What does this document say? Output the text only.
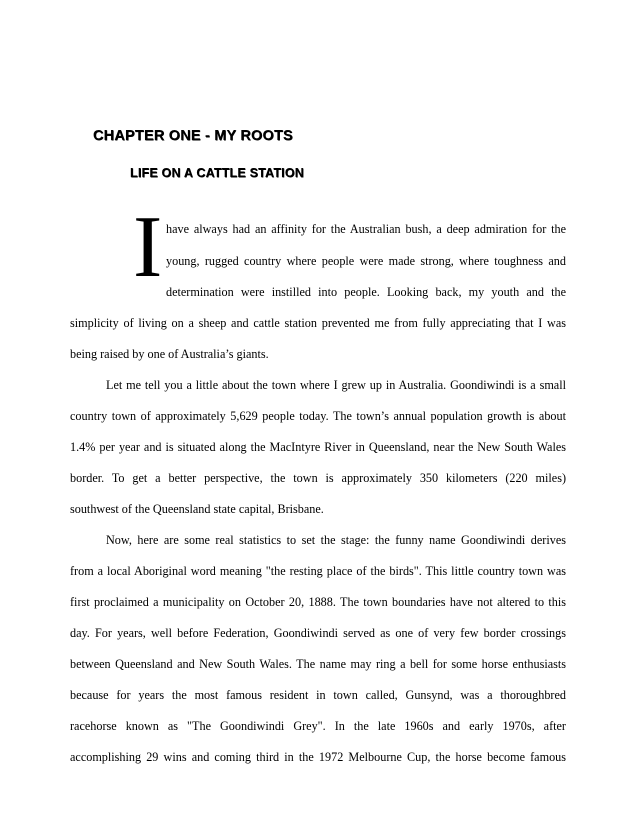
CHAPTER ONE - MY ROOTS
LIFE ON A CATTLE STATION
I have always had an affinity for the Australian bush, a deep admiration for the
young, rugged country where people were made strong, where toughness and
determination were instilled into people. Looking back, my youth and the
simplicity of living on a sheep and cattle station prevented me from fully appreciating that I was
being raised by one of Australia’s giants.
Let me tell you a little about the town where I grew up in Australia. Goondiwindi is a small
country town of approximately 5,629 people today. The town’s annual population growth is about
1.4% per year and is situated along the MacIntyre River in Queensland, near the New South Wales
border. To get a better perspective, the town is approximately 350 kilometers (220 miles)
southwest of the Queensland state capital, Brisbane.
Now, here are some real statistics to set the stage: the funny name Goondiwindi derives
from a local Aboriginal word meaning "the resting place of the birds". This little country town was
first proclaimed a municipality on October 20, 1888. The town boundaries have not altered to this
day. For years, well before Federation, Goondiwindi served as one of very few border crossings
between Queensland and New South Wales. The name may ring a bell for some horse enthusiasts
because for years the most famous resident in town called, Gunsynd, was a thoroughbred
racehorse known as "The Goondiwindi Grey". In the late 1960s and early 1970s, after
accomplishing 29 wins and coming third in the 1972 Melbourne Cup, the horse become famous
